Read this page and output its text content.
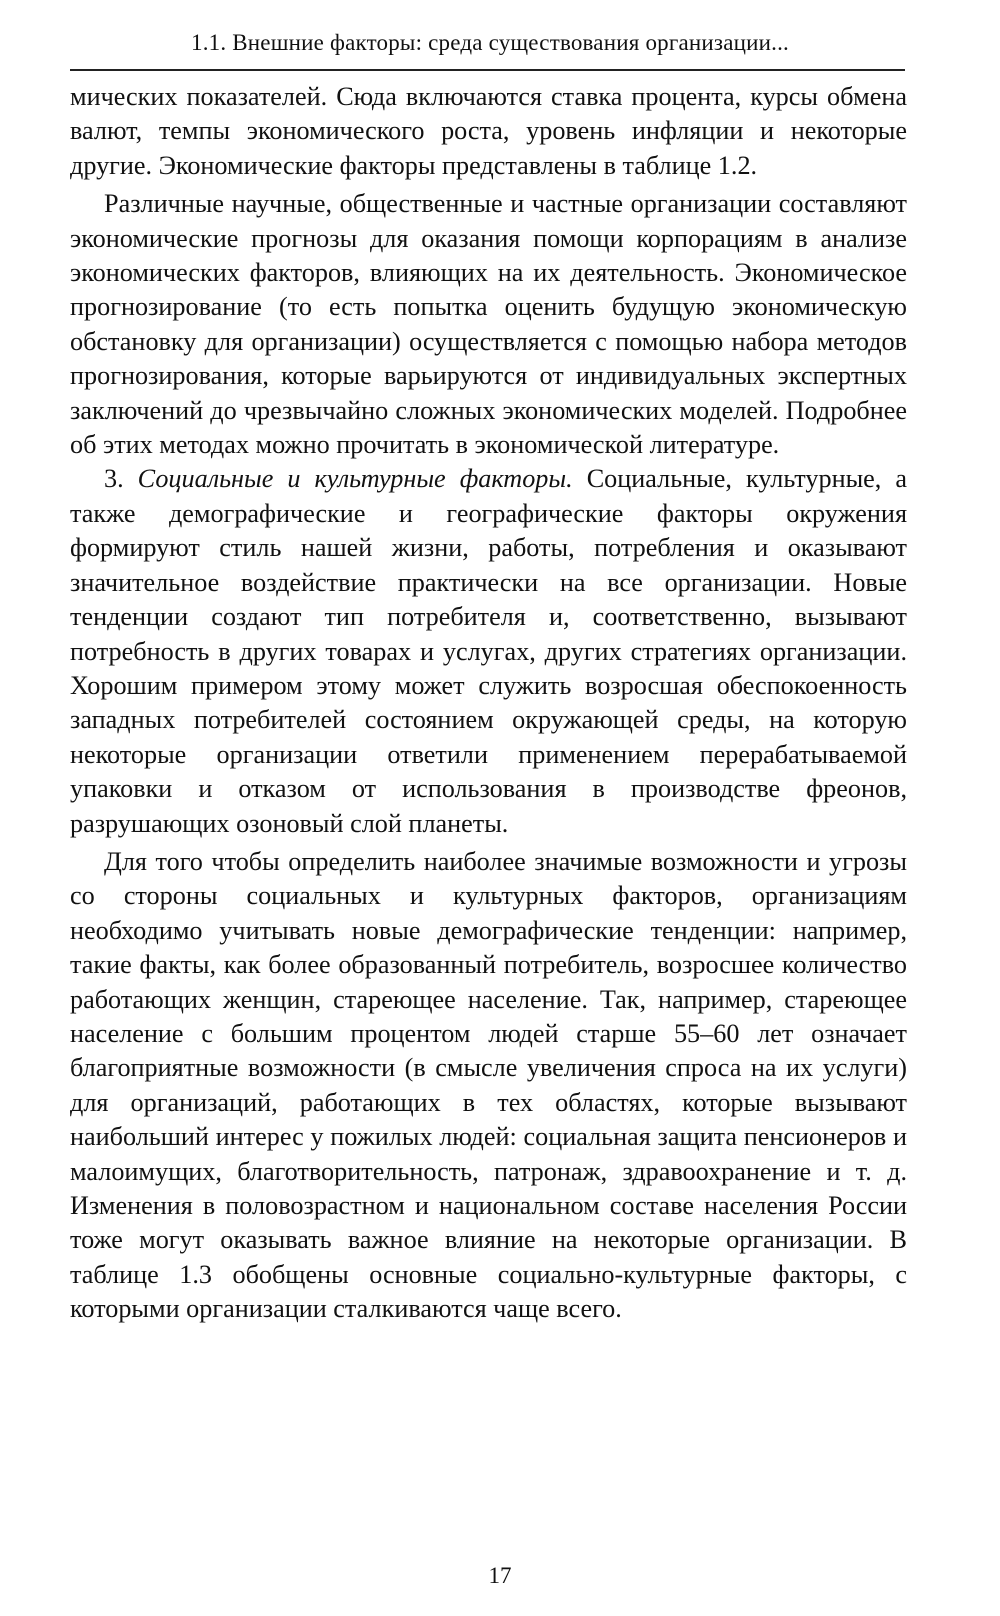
1.1. Внешние факторы: среда существования организации...

мических показателей. Сюда включаются ставка процента, курсы обмена валют, темпы экономического роста, уровень инфляции и некоторые другие. Экономические факторы представлены в таблице 1.2.

Различные научные, общественные и частные организации составляют экономические прогнозы для оказания помощи корпорациям в анализе экономических факторов, влияющих на их деятельность. Экономическое прогнозирование (то есть попытка оценить будущую экономическую обстановку для организации) осуществляется с помощью набора методов прогнозирования, которые варьируются от индивидуальных экспертных заключений до чрезвычайно сложных экономических моделей. Подробнее об этих методах можно прочитать в экономической литературе.

3. Социальные и культурные факторы. Социальные, культурные, а также демографические и географические факторы окружения формируют стиль нашей жизни, работы, потребления и оказывают значительное воздействие практически на все организации. Новые тенденции создают тип потребителя и, соответственно, вызывают потребность в других товарах и услугах, других стратегиях организации. Хорошим примером этому может служить возросшая обеспокоенность западных потребителей состоянием окружающей среды, на которую некоторые организации ответили применением перерабатываемой упаковки и отказом от использования в производстве фреонов, разрушающих озоновый слой планеты.

Для того чтобы определить наиболее значимые возможности и угрозы со стороны социальных и культурных факторов, организациям необходимо учитывать новые демографические тенденции: например, такие факты, как более образованный потребитель, возросшее количество работающих женщин, стареющее население. Так, например, стареющее население с большим процентом людей старше 55–60 лет означает благоприятные возможности (в смысле увеличения спроса на их услуги) для организаций, работающих в тех областях, которые вызывают наибольший интерес у пожилых людей: социальная защита пенсионеров и малоимущих, благотворительность, патронаж, здравоохранение и т. д. Изменения в половозрастном и национальном составе населения России тоже могут оказывать важное влияние на некоторые организации. В таблице 1.3 обобщены основные социально-культурные факторы, с которыми организации сталкиваются чаще всего.

17
